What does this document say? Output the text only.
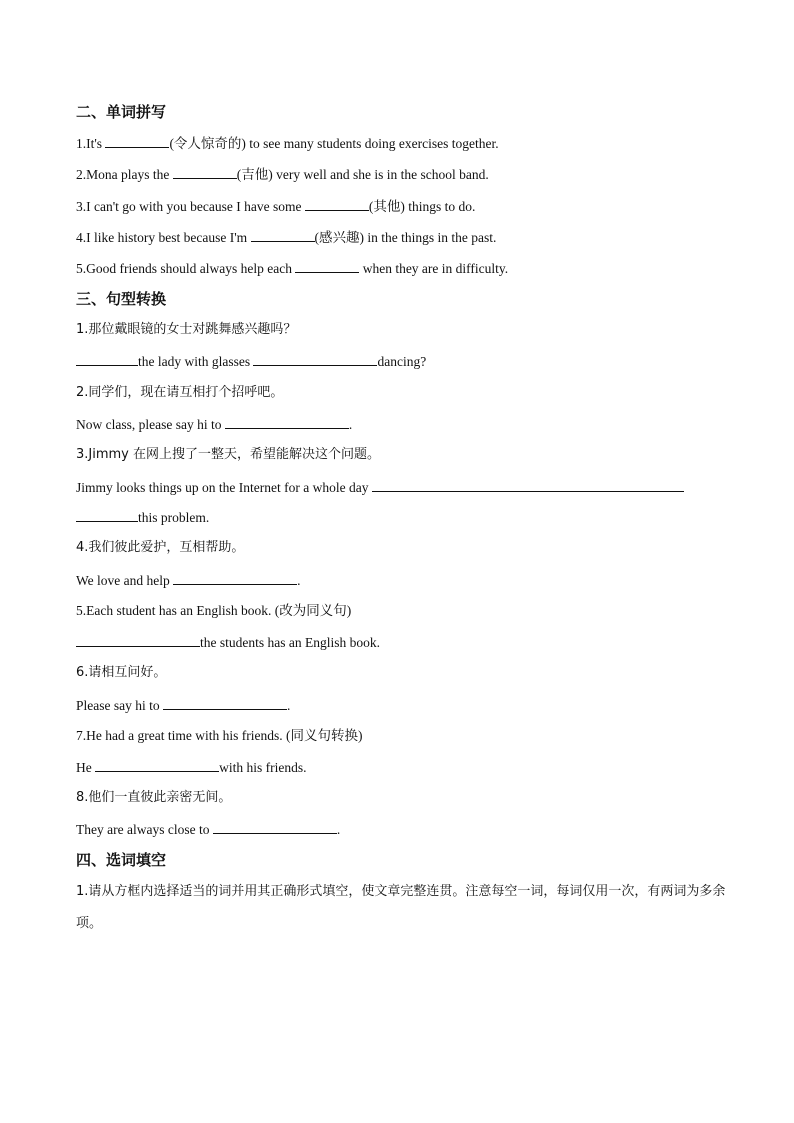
二、单词拼写
1.It's	(令人惊奇的) to see many students doing exercises together.
2.Mona plays the	(吉他) very well and she is in the school band.
3.I can't go with you because I have some	(其他) things to do.
4.I like history best because I'm	(感兴趣) in the things in the past.
5.Good friends should always help each	when they are in difficulty.
三、句型转换
1.那位戴眼镜的女士对跳舞感兴趣吗？
the lady with glasses	dancing?
2.同学们，现在请互相打个招呼吧。
Now class, please say hi to	.
3.Jimmy 在网上搜了一整天，希望能解决这个问题。
Jimmy looks things up on the Internet for a whole day
this problem.
4.我们彼此爱护，互相帮助。
We love and help	.
5.Each student has an English book. (改为同义句)
the students has an English book.
6.请相互问好。
Please say hi to	.
7.He had a great time with his friends. (同义句转换)
He	with his friends.
8.他们一直彼此亲密无间。
They are always close to	.
四、选词填空
1.请从方框内选择适当的词并用其正确形式填空，使文章完整连贯。注意每空一词，每词仅用一次，有两词为多余项。
